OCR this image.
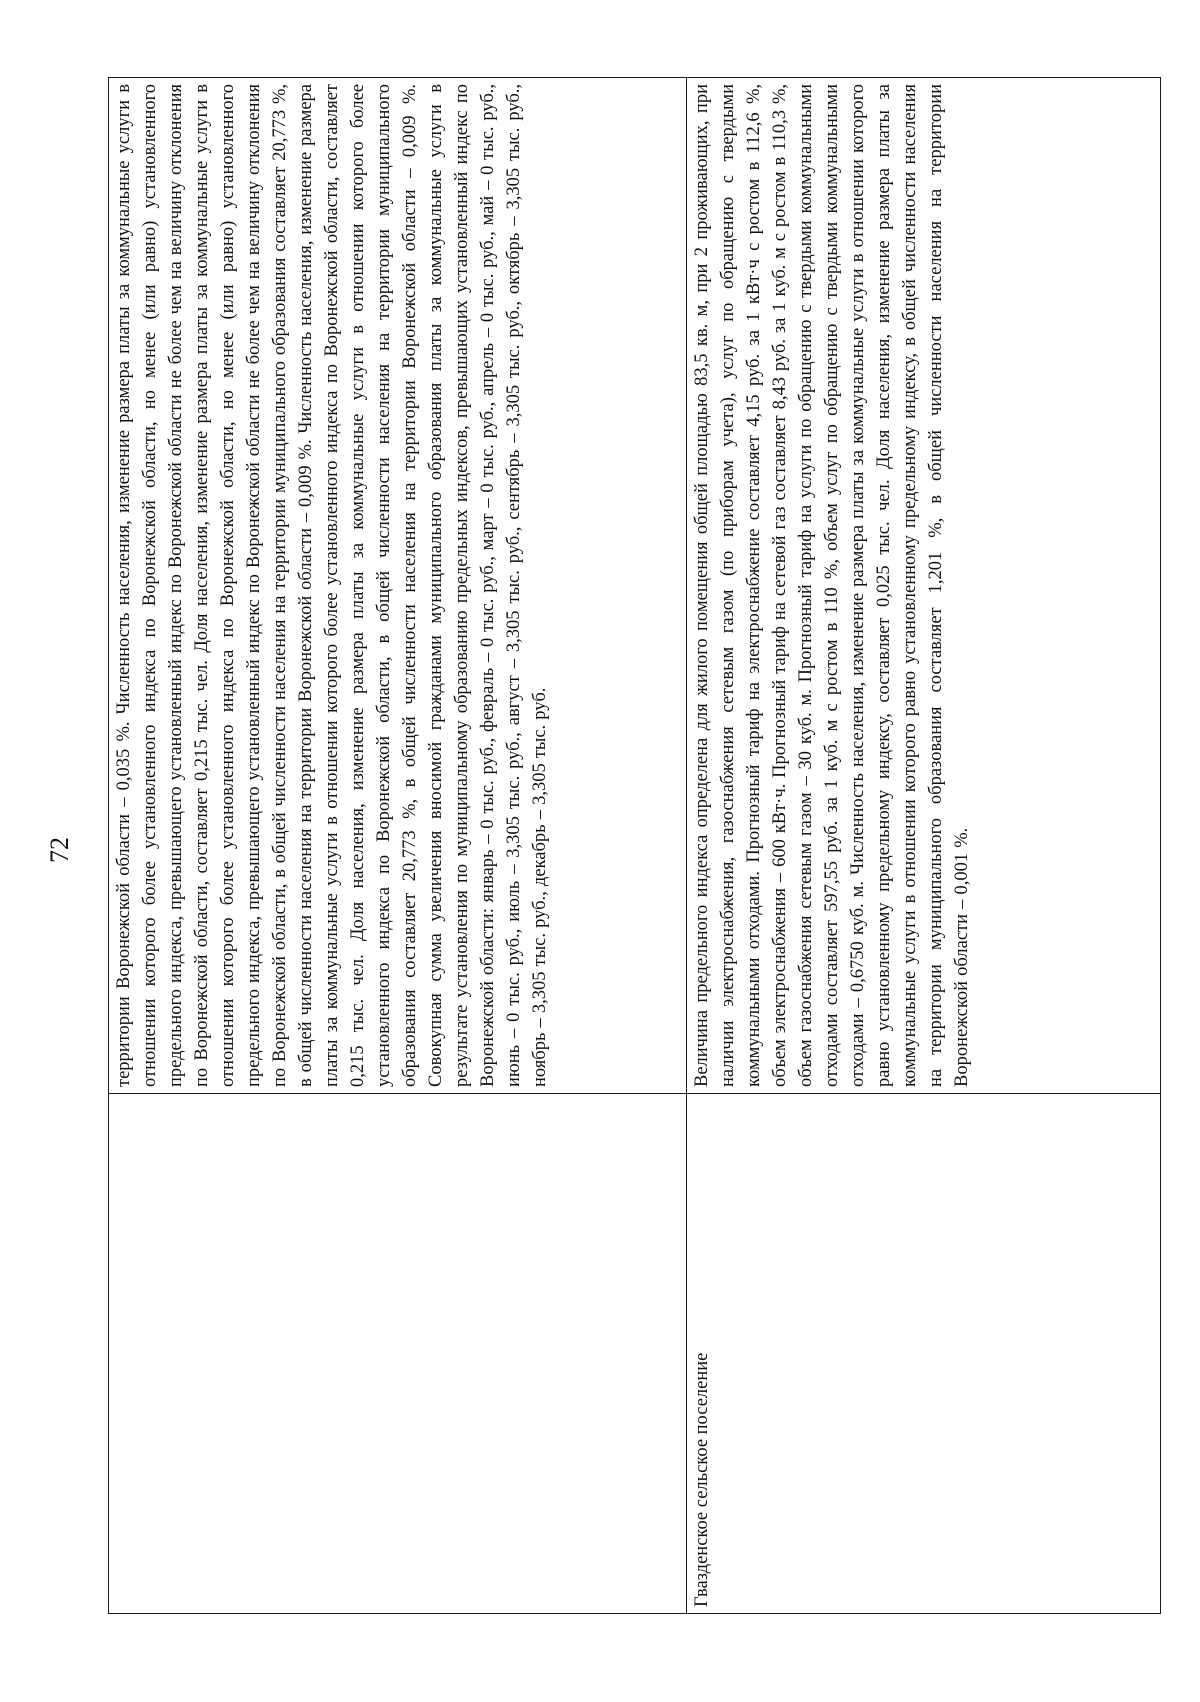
72

	территории Воронежской области – 0,035 %. Численность населения, изменение размера платы за коммунальные услуги в отношении которого более установленного индекса по Воронежской области, но менее (или равно) установленного предельного индекса, превышающего установленный индекс по Воронежской области не более чем на величину отклонения по Воронежской области, составляет 0,215 тыс. чел. Доля населения, изменение размера платы за коммунальные услуги в отношении которого более установленного индекса по Воронежской области, но менее (или равно) установленного предельного индекса, превышающего установленный индекс по Воронежской области не более чем на величину отклонения по Воронежской области, в общей численности населения на территории муниципального образования составляет 20,773 %, в общей численности населения на территории Воронежской области – 0,009 %. Численность населения, изменение размера платы за коммунальные услуги в отношении которого более установленного индекса по Воронежской области, составляет 0,215 тыс. чел. Доля населения, изменение размера платы за коммунальные услуги в отношении которого более установленного индекса по Воронежской области, в общей численности населения на территории муниципального образования составляет 20,773 %, в общей численности населения на территории Воронежской области – 0,009 %. Совокупная сумма увеличения вносимой гражданами муниципального образования платы за коммунальные услуги в результате установления по муниципальному образованию предельных индексов, превышающих установленный индекс по Воронежской области: январь – 0 тыс. руб., февраль – 0 тыс. руб., март – 0 тыс. руб., апрель – 0 тыс. руб., май – 0 тыс. руб., июнь – 0 тыс. руб., июль – 3,305 тыс. руб., август – 3,305 тыс. руб., сентябрь – 3,305 тыс. руб., октябрь – 3,305 тыс. руб., ноябрь – 3,305 тыс. руб., декабрь – 3,305 тыс. руб.

Гвазденское сельское поселение	Величина предельного индекса определена для жилого помещения общей площадью 83,5 кв. м, при 2 проживающих, при наличии электроснабжения, газоснабжения сетевым газом (по приборам учета), услуг по обращению с твердыми коммунальными отходами. Прогнозный тариф на электроснабжение составляет 4,15 руб. за 1 кВт·ч с ростом в 112,6 %, объем электроснабжения – 600 кВт·ч. Прогнозный тариф на сетевой газ составляет 8,43 руб. за 1 куб. м с ростом в 110,3 %, объем газоснабжения сетевым газом – 30 куб. м. Прогнозный тариф на услуги по обращению с твердыми коммунальными отходами составляет 597,55 руб. за 1 куб. м с ростом в 110 %, объем услуг по обращению с твердыми коммунальными отходами – 0,6750 куб. м. Численность населения, изменение размера платы за коммунальные услуги в отношении которого равно установленному предельному индексу, составляет 0,025 тыс. чел. Доля населения, изменение размера платы за коммунальные услуги в отношении которого равно установленному предельному индексу, в общей численности населения на территории муниципального образования составляет 1,201 %, в общей численности населения на территории Воронежской области – 0,001 %.
